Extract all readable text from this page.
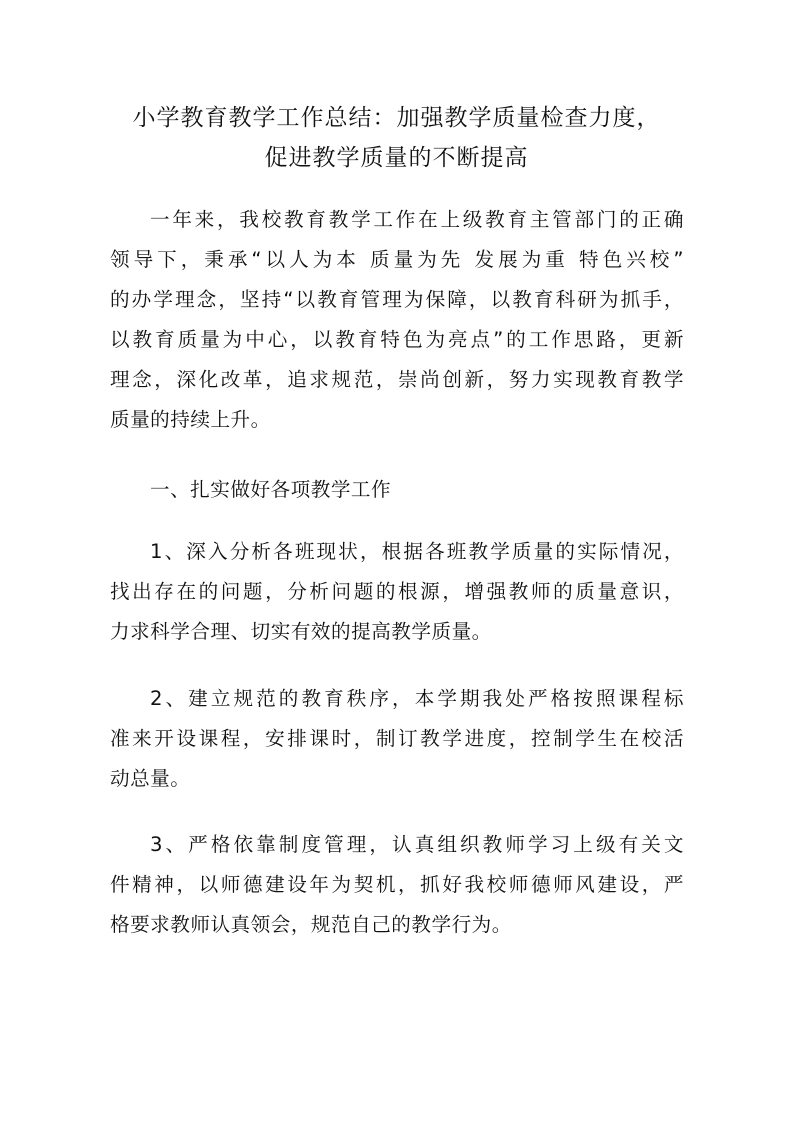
小学教育教学工作总结：加强教学质量检查力度，
促进教学质量的不断提高
一年来，我校教育教学工作在上级教育主管部门的正确
领导下，秉承“以人为本 质量为先 发展为重 特色兴校”
的办学理念，坚持“以教育管理为保障，以教育科研为抓手，
以教育质量为中心，以教育特色为亮点”的工作思路，更新
理念，深化改革，追求规范，崇尚创新，努力实现教育教学
质量的持续上升。
一、扎实做好各项教学工作
1、深入分析各班现状，根据各班教学质量的实际情况，
找出存在的问题，分析问题的根源，增强教师的质量意识，
力求科学合理、切实有效的提高教学质量。
2、建立规范的教育秩序，本学期我处严格按照课程标
准来开设课程，安排课时，制订教学进度，控制学生在校活
动总量。
3、严格依靠制度管理，认真组织教师学习上级有关文
件精神，以师德建设年为契机，抓好我校师德师风建设，严
格要求教师认真领会，规范自己的教学行为。
